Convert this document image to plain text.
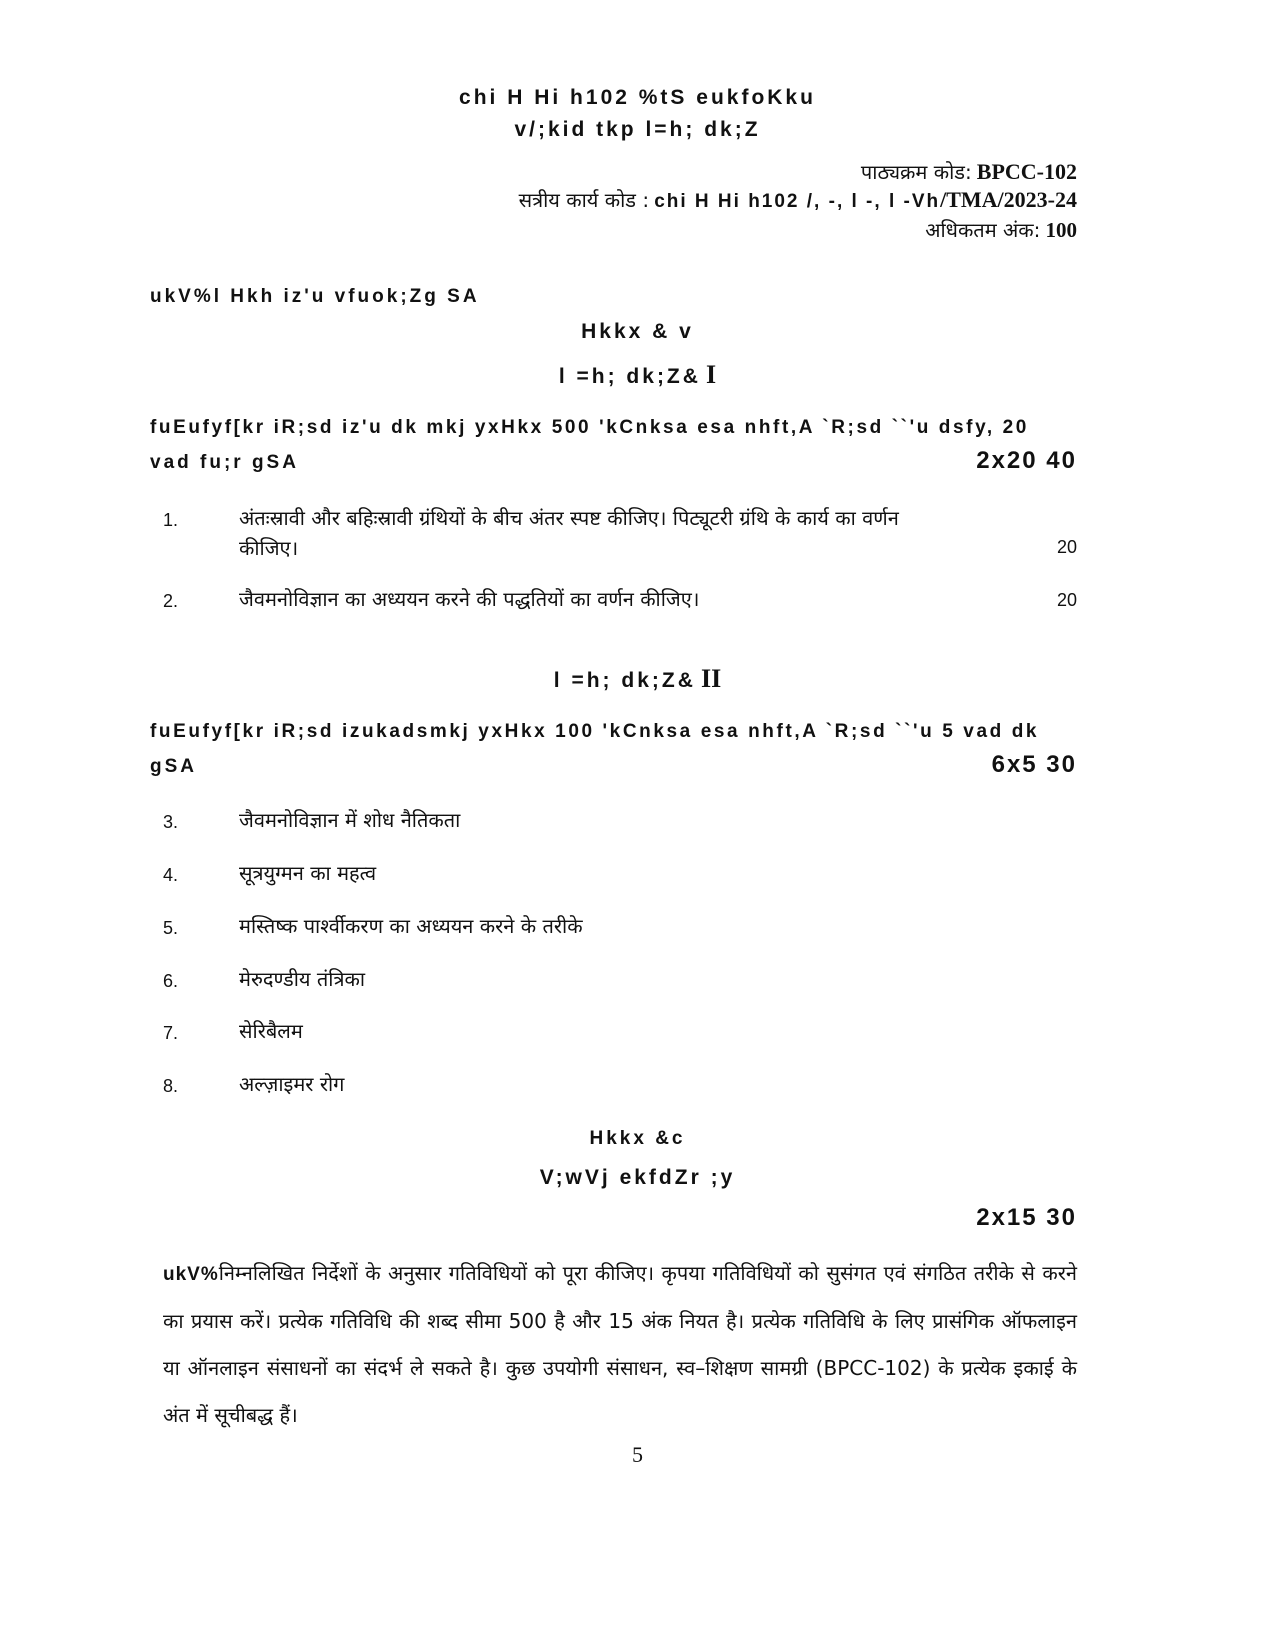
chi H Hi h102 %tS eukfoKku
v/;kid tkp l=h; dk;Z
पाठ्यक्रम कोड: BPCC-102
सत्रीय कार्य कोड : chi H Hi h102 /, -, l -, l -Vh/TMA/2023-24
अधिकतम अंक: 100
ukV%l Hkh iz'u vfuok;Zg SA
Hkkx & v
l =h; dk;Z& I
fuEufyf[kr iR;sd iz'u dk mkj yxHkx 500 'kCnksa esa nhft,A `R;sd ``'u dsfy, 20
vad fu;r gSA	2x20 40
1.	अंतःस्रावी और बहिःस्रावी ग्रंथियों के बीच अंतर स्पष्ट कीजिए। पिट्यूटरी ग्रंथि के कार्य का वर्णन
कीजिए।	20
2.	जैवमनोविज्ञान का अध्ययन करने की पद्धतियों का वर्णन कीजिए।	20
l =h; dk;Z& II
fuEufyf[kr iR;sd izukadsmkj yxHkx 100 'kCnksa esa nhft,A `R;sd ``'u 5 vad dk
gSA	6x5 30
3.	जैवमनोविज्ञान में शोध नैतिकता
4.	सूत्रयुग्मन का महत्व
5.	मस्तिष्क पार्श्वीकरण का अध्ययन करने के तरीके
6.	मेरुदण्डीय तंत्रिका
7.	सेरिबैलम
8.	अल्ज़ाइमर रोग
Hkkx &c
V;wVj ekfdZr ;y
2x15 30
ukV%निम्नलिखित निर्देशों के अनुसार गतिविधियों को पूरा कीजिए। कृपया गतिविधियों को सुसंगत एवं संगठित तरीके से करने का प्रयास करें। प्रत्येक गतिविधि की शब्द सीमा 500 है और 15 अंक नियत है। प्रत्येक गतिविधि के लिए प्रासंगिक ऑफलाइन या ऑनलाइन संसाधनों का संदर्भ ले सकते है। कुछ उपयोगी संसाधन, स्व–शिक्षण सामग्री (BPCC-102) के प्रत्येक इकाई के अंत में सूचीबद्ध हैं।
5
